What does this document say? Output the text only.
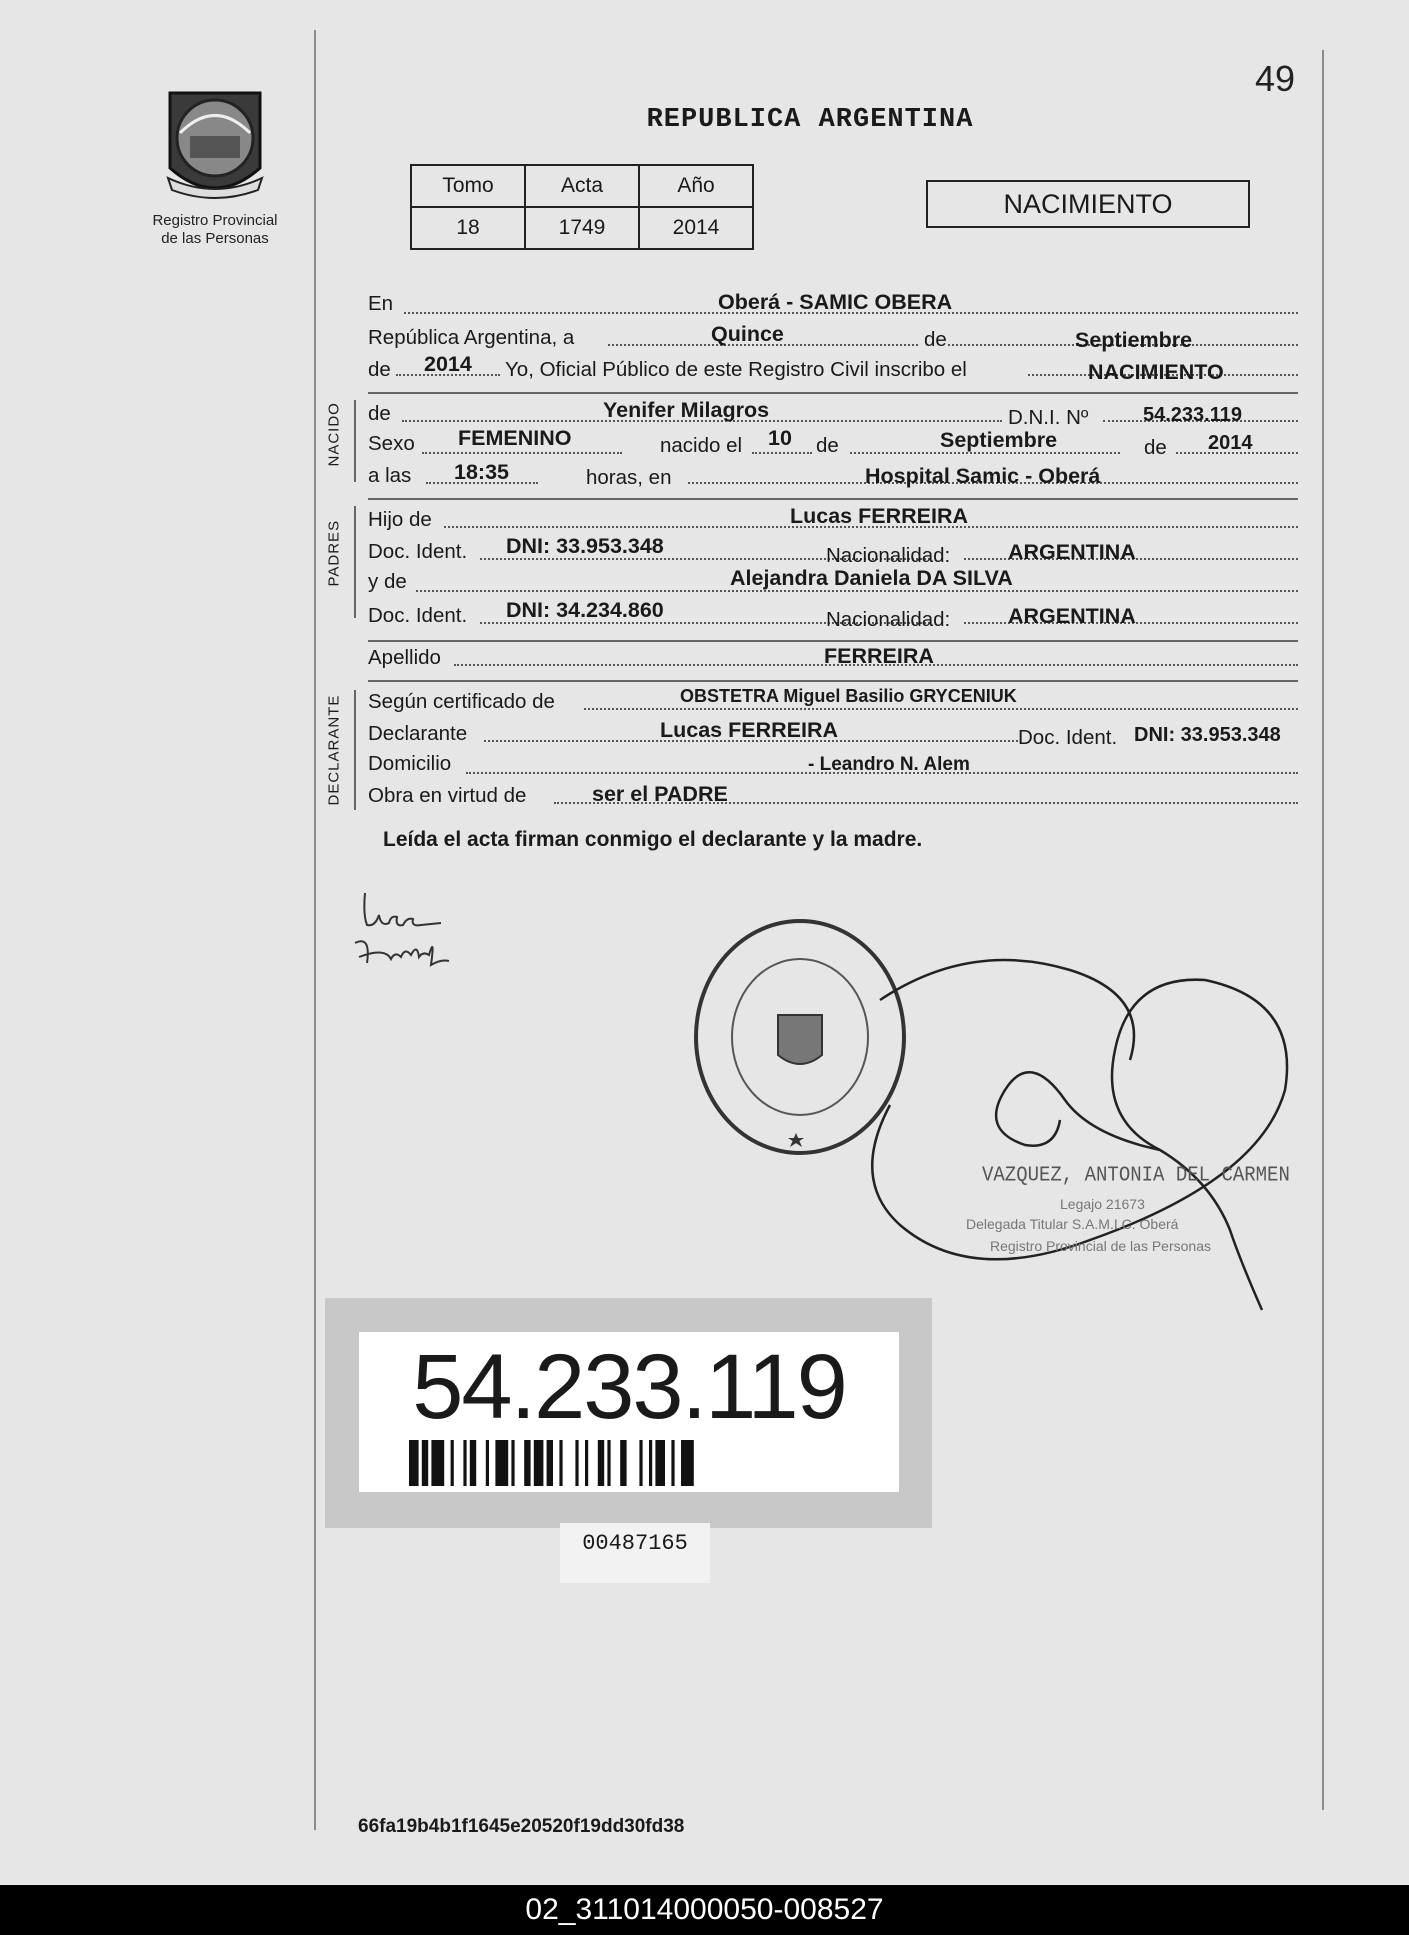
49
Registro Provincial
de las Personas
REPUBLICA ARGENTINA
Tomo	Acta	Año
18	1749	2014
NACIMIENTO
En	Oberá - SAMIC OBERA
República Argentina, a	Quince	de	Septiembre
de 2014 Yo, Oficial Público de este Registro Civil inscribo el	NACIMIENTO
NACIDO de	Yenifer Milagros	D.N.I. Nº	54.233.119
Sexo FEMENINO	nacido el 10 de	Septiembre	de 2014
a las 18:35	horas, en	Hospital Samic - Oberá
PADRES
Hijo de	Lucas FERREIRA
Doc. Ident. DNI: 33.953.348	Nacionalidad:	ARGENTINA
y de	Alejandra Daniela DA SILVA
Doc. Ident. DNI: 34.234.860	Nacionalidad:	ARGENTINA
Apellido	FERREIRA
DECLARANTE Según certificado de	OBSTETRA Miguel Basilio GRYCENIUK
Declarante	Lucas FERREIRA	Doc. Ident. DNI: 33.953.348
Domicilio	- Leandro N. Alem
Obra en virtud de	ser el PADRE
Leída el acta firman conmigo el declarante y la madre.
VAZQUEZ, ANTONIA DEL CARMEN
Legajo 21673
Delegada Titular S.A.M.I.C. Oberá
Registro Provincial de las Personas
54.233.119
00487165
66fa19b4b1f1645e20520f19dd30fd38
02_311014000050-008527
